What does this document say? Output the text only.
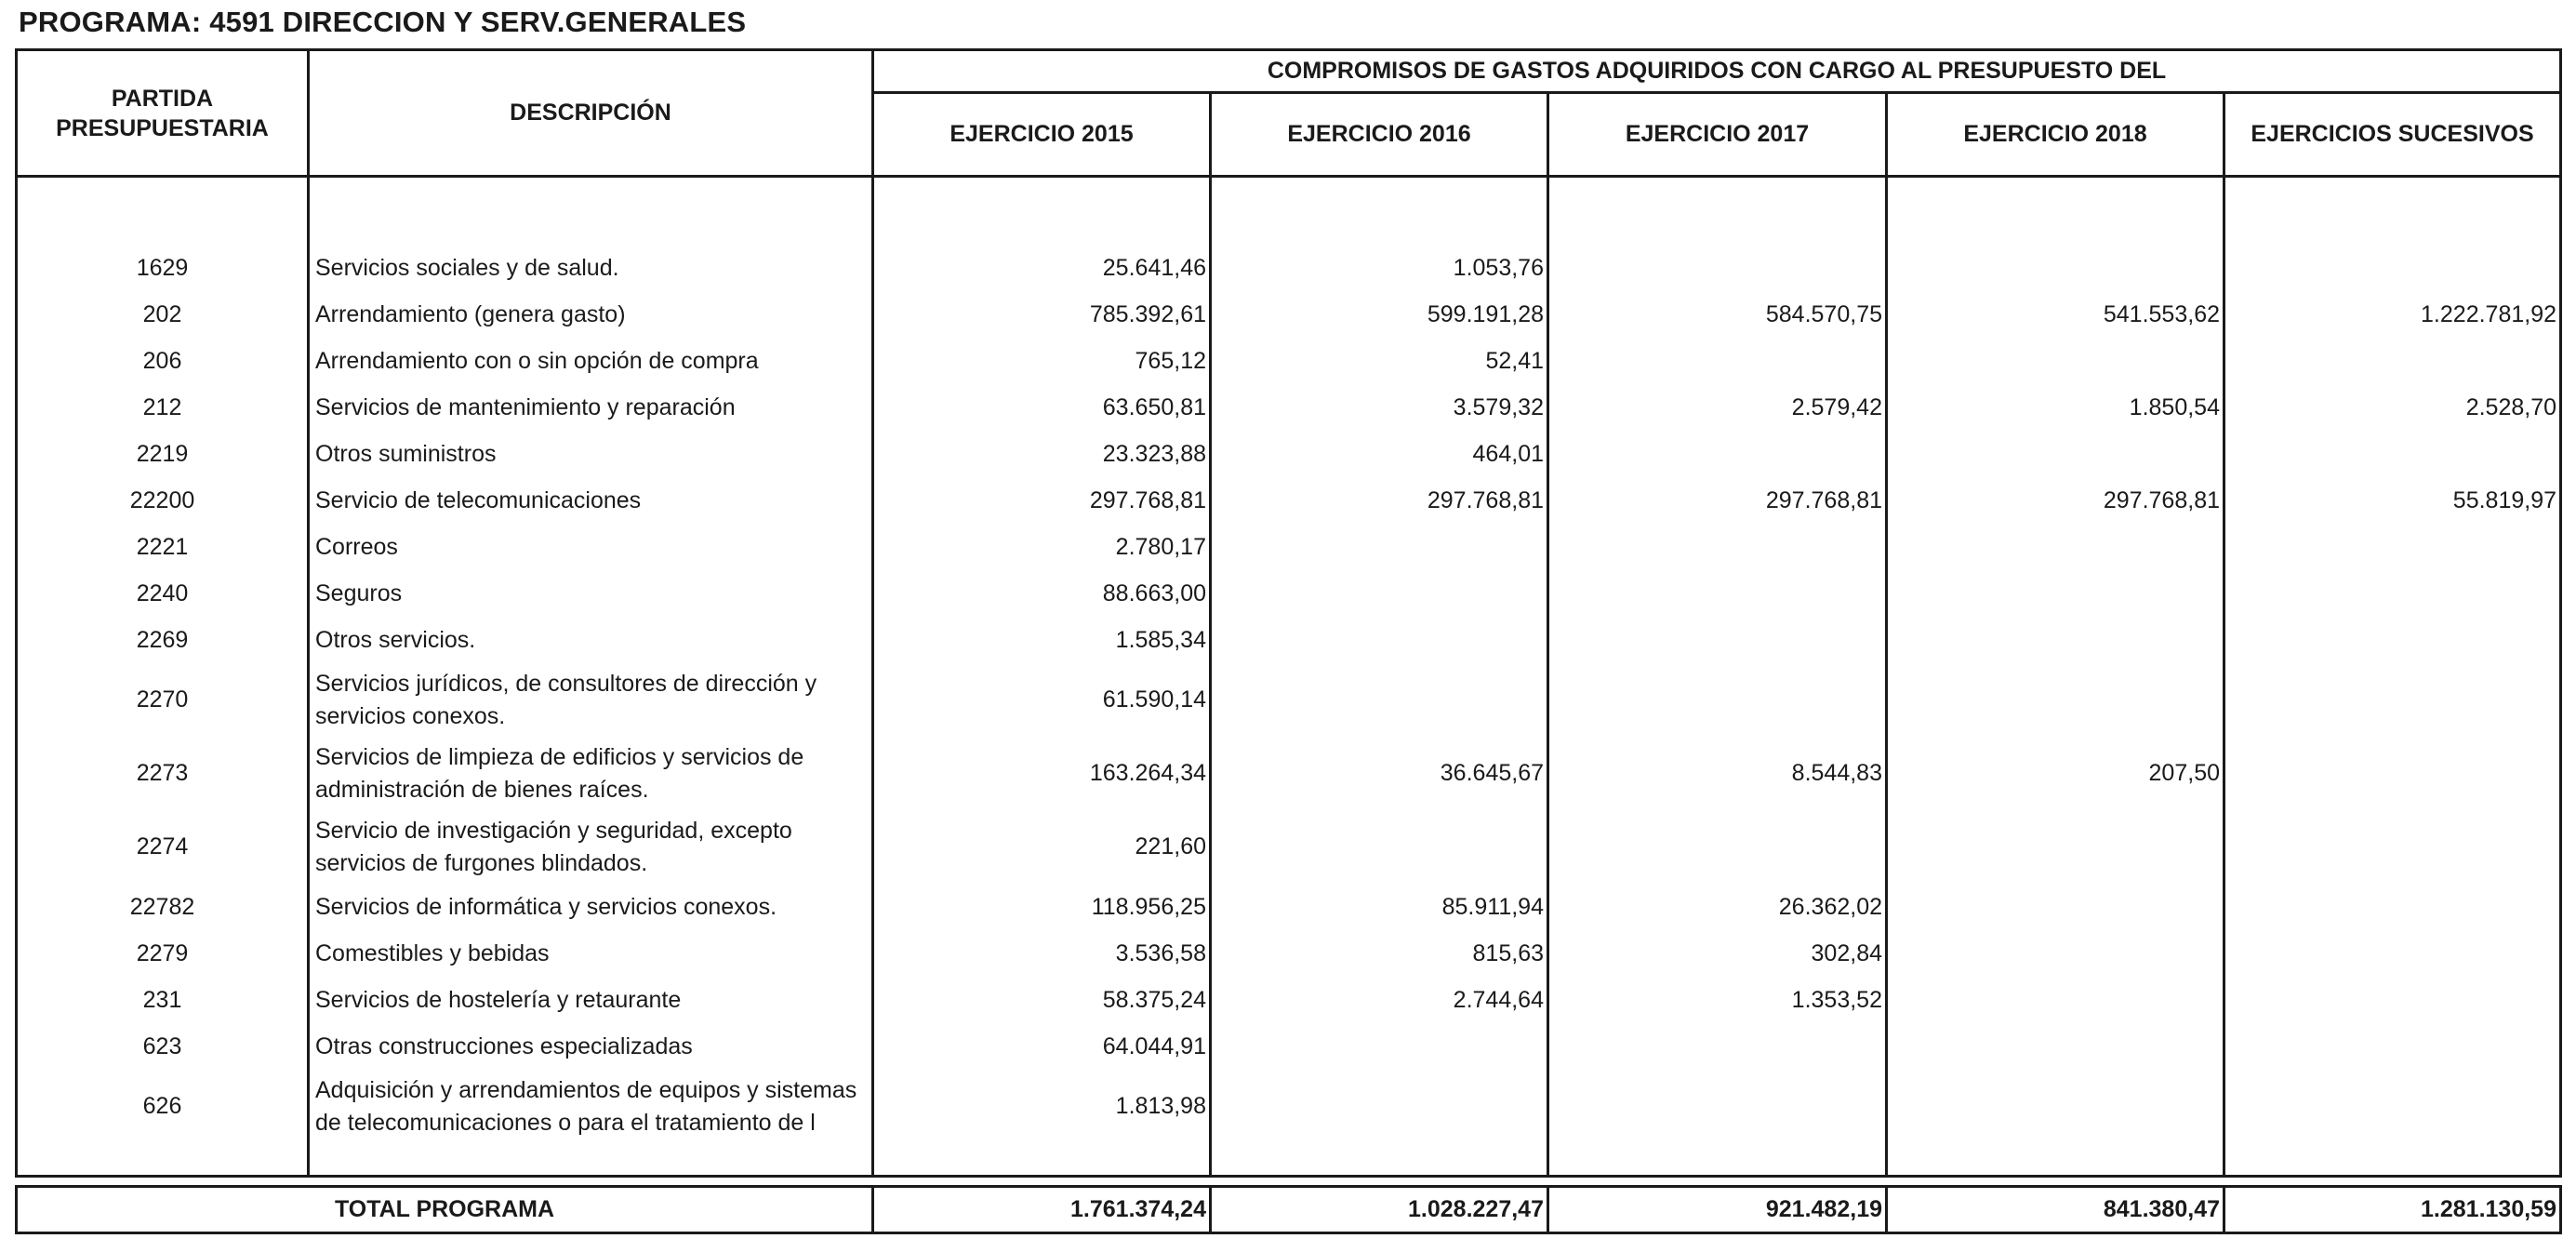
PROGRAMA: 4591 DIRECCION Y SERV.GENERALES
PARTIDA
PRESUPUESTARIA	DESCRIPCIÓN	COMPROMISOS DE GASTOS ADQUIRIDOS CON CARGO AL PRESUPUESTO DEL				
		EJERCICIO 2015	EJERCICIO 2016	EJERCICIO 2017	EJERCICIO 2018	EJERCICIOS SUCESIVOS

1629	Servicios sociales y de salud.	25.641,46	1.053,76			
202	Arrendamiento (genera gasto)	785.392,61	599.191,28	584.570,75	541.553,62	1.222.781,92
206	Arrendamiento con o sin opción de compra	765,12	52,41			
212	Servicios de mantenimiento y reparación	63.650,81	3.579,32	2.579,42	1.850,54	2.528,70
2219	Otros suministros	23.323,88	464,01			
22200	Servicio de telecomunicaciones	297.768,81	297.768,81	297.768,81	297.768,81	55.819,97
2221	Correos	2.780,17				
2240	Seguros	88.663,00				
2269	Otros servicios.	1.585,34				
2270	Servicios jurídicos, de consultores de dirección y
servicios conexos.	61.590,14				
2273	Servicios de limpieza de edificios y servicios de
administración de bienes raíces.	163.264,34	36.645,67	8.544,83	207,50	
2274	Servicio de investigación y seguridad, excepto
servicios de furgones blindados.	221,60				
22782	Servicios de informática y servicios conexos.	118.956,25	85.911,94	26.362,02		
2279	Comestibles y bebidas	3.536,58	815,63	302,84		
231	Servicios de hostelería y retaurante	58.375,24	2.744,64	1.353,52		
623	Otras construcciones especializadas	64.044,91				
626	Adquisición y arrendamientos de equipos y sistemas
de telecomunicaciones o para el tratamiento de l	1.813,98				

TOTAL PROGRAMA	1.761.374,24	1.028.227,47	921.482,19	841.380,47	1.281.130,59
